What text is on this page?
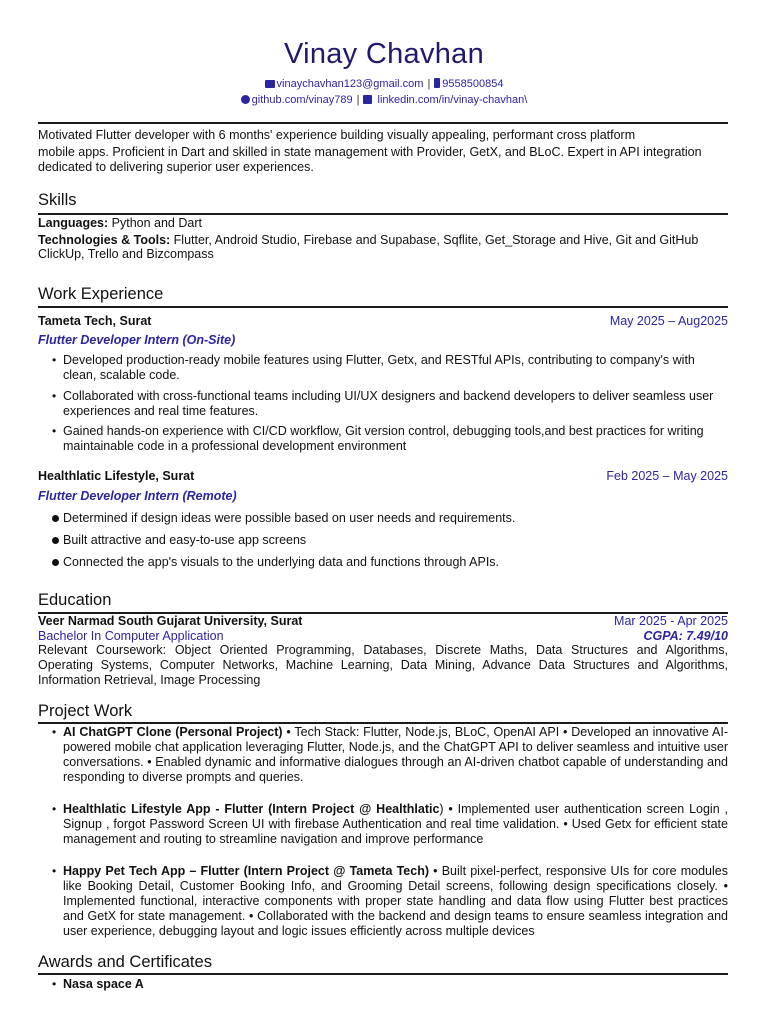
Vinay Chavhan
vinaychavhan123@gmail.com | 9558500854
github.com/vinay789 | linkedin.com/in/vinay-chavhan\
Motivated Flutter developer with 6 months' experience building visually appealing, performant cross platform
mobile apps. Proficient in Dart and skilled in state management with Provider, GetX, and BLoC. Expert in API integration dedicated to delivering superior user experiences.
Skills
Languages: Python and Dart
Technologies & Tools: Flutter, Android Studio, Firebase and Supabase, Sqflite, Get_Storage and Hive, Git and GitHub
ClickUp, Trello and Bizcompass
Work Experience
Tameta Tech, Surat	May 2025 – Aug2025
Flutter Developer Intern (On-Site)
• Developed production-ready mobile features using Flutter, Getx, and RESTful APIs, contributing to company's with clean, scalable code.
• Collaborated with cross-functional teams including UI/UX designers and backend developers to deliver seamless user experiences and real time features.
• Gained hands-on experience with CI/CD workflow, Git version control, debugging tools,and best practices for writing maintainable code in a professional development environment
Healthlatic Lifestyle, Surat	Feb 2025 – May 2025
Flutter Developer Intern (Remote)
Determined if design ideas were possible based on user needs and requirements.
Built attractive and easy-to-use app screens
Connected the app's visuals to the underlying data and functions through APIs.
Education
Veer Narmad South Gujarat University, Surat	Mar 2025 - Apr 2025
Bachelor In Computer Application	CGPA: 7.49/10
Relevant Coursework: Object Oriented Programming, Databases, Discrete Maths, Data Structures and Algorithms, Operating Systems, Computer Networks, Machine Learning, Data Mining, Advance Data Structures and Algorithms, Information Retrieval, Image Processing
Project Work
• AI ChatGPT Clone (Personal Project) • Tech Stack: Flutter, Node.js, BLoC, OpenAI API • Developed an innovative AI-powered mobile chat application leveraging Flutter, Node.js, and the ChatGPT API to deliver seamless and intuitive user conversations. • Enabled dynamic and informative dialogues through an AI-driven chatbot capable of understanding and responding to diverse prompts and queries.
• Healthlatic Lifestyle App - Flutter (Intern Project @ Healthlatic) • Implemented user authentication screen Login , Signup , forgot Password Screen UI with firebase Authentication and real time validation. • Used Getx for efficient state management and routing to streamline navigation and improve performance
• Happy Pet Tech App – Flutter (Intern Project @ Tameta Tech) • Built pixel-perfect, responsive UIs for core modules like Booking Detail, Customer Booking Info, and Grooming Detail screens, following design specifications closely. • Implemented functional, interactive components with proper state handling and data flow using Flutter best practices and GetX for state management. • Collaborated with the backend and design teams to ensure seamless integration and user experience, debugging layout and logic issues efficiently across multiple devices
Awards and Certificates
• Nasa space A
